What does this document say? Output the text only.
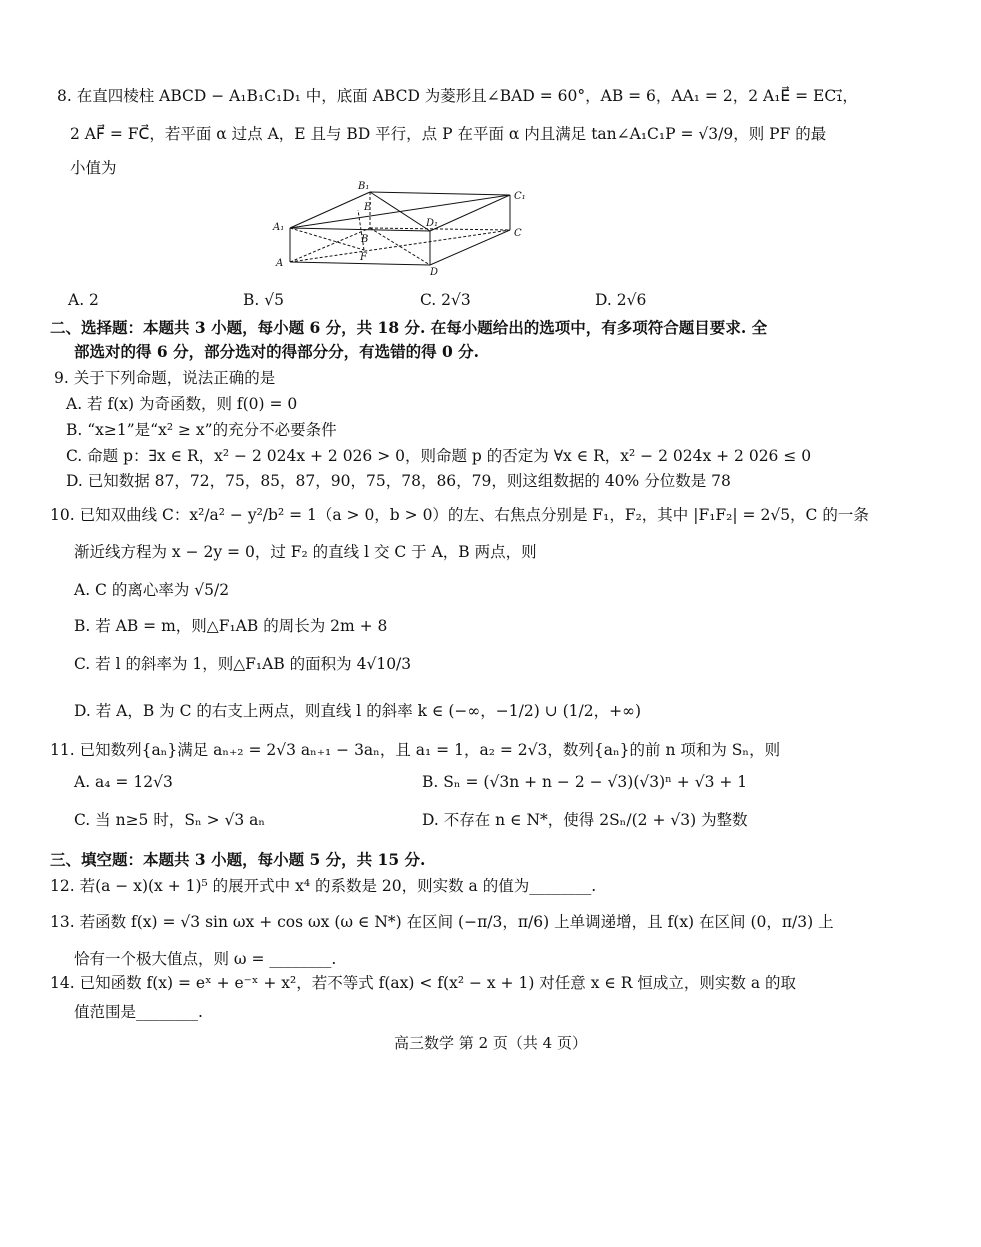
8. 在直四棱柱 ABCD − A₁B₁C₁D₁ 中，底面 ABCD 为菱形且∠BAD = 60°，AB = 6，AA₁ = 2，2 A₁E⃗ = EC₁⃗，
2 AF⃗ = FC⃗，若平面 α 过点 A，E 且与 BD 平行，点 P 在平面 α 内且满足 tan∠A₁C₁P = √3/9，则 PF 的最
小值为
B₁
C₁
A₁
E
D₁
B
C
A
F
D
A. 2	B. √5	C. 2√3	D. 2√6
二、选择题：本题共 3 小题，每小题 6 分，共 18 分. 在每小题给出的选项中，有多项符合题目要求. 全
部选对的得 6 分，部分选对的得部分分，有选错的得 0 分.
9. 关于下列命题，说法正确的是
A. 若 f(x) 为奇函数，则 f(0) = 0
B. “x≥1”是“x² ≥ x”的充分不必要条件
C. 命题 p：∃x ∈ R，x² − 2 024x + 2 026 > 0，则命题 p 的否定为 ∀x ∈ R，x² − 2 024x + 2 026 ≤ 0
D. 已知数据 87，72，75，85，87，90，75，78，86，79，则这组数据的 40% 分位数是 78
10. 已知双曲线 C：x²/a² − y²/b² = 1（a > 0，b > 0）的左、右焦点分别是 F₁，F₂，其中 |F₁F₂| = 2√5，C 的一条
渐近线方程为 x − 2y = 0，过 F₂ 的直线 l 交 C 于 A，B 两点，则
A. C 的离心率为 √5/2
B. 若 AB = m，则△F₁AB 的周长为 2m + 8
C. 若 l 的斜率为 1，则△F₁AB 的面积为 4√10/3
D. 若 A，B 为 C 的右支上两点，则直线 l 的斜率 k ∈ (−∞，−1/2) ∪ (1/2，+∞)
11. 已知数列{aₙ}满足 aₙ₊₂ = 2√3 aₙ₊₁ − 3aₙ，且 a₁ = 1，a₂ = 2√3，数列{aₙ}的前 n 项和为 Sₙ，则
A. a₄ = 12√3	B. Sₙ = (√3n + n − 2 − √3)(√3)ⁿ + √3 + 1
C. 当 n≥5 时，Sₙ > √3 aₙ	D. 不存在 n ∈ N*，使得 2Sₙ/(2 + √3) 为整数
三、填空题：本题共 3 小题，每小题 5 分，共 15 分.
12. 若(a − x)(x + 1)⁵ 的展开式中 x⁴ 的系数是 20，则实数 a 的值为________.
13. 若函数 f(x) = √3 sin ωx + cos ωx (ω ∈ N*) 在区间 (−π/3，π/6) 上单调递增，且 f(x) 在区间 (0，π/3) 上
恰有一个极大值点，则 ω = ________.
14. 已知函数 f(x) = eˣ + e⁻ˣ + x²，若不等式 f(ax) < f(x² − x + 1) 对任意 x ∈ R 恒成立，则实数 a 的取
值范围是________.
高三数学 第 2 页（共 4 页）
